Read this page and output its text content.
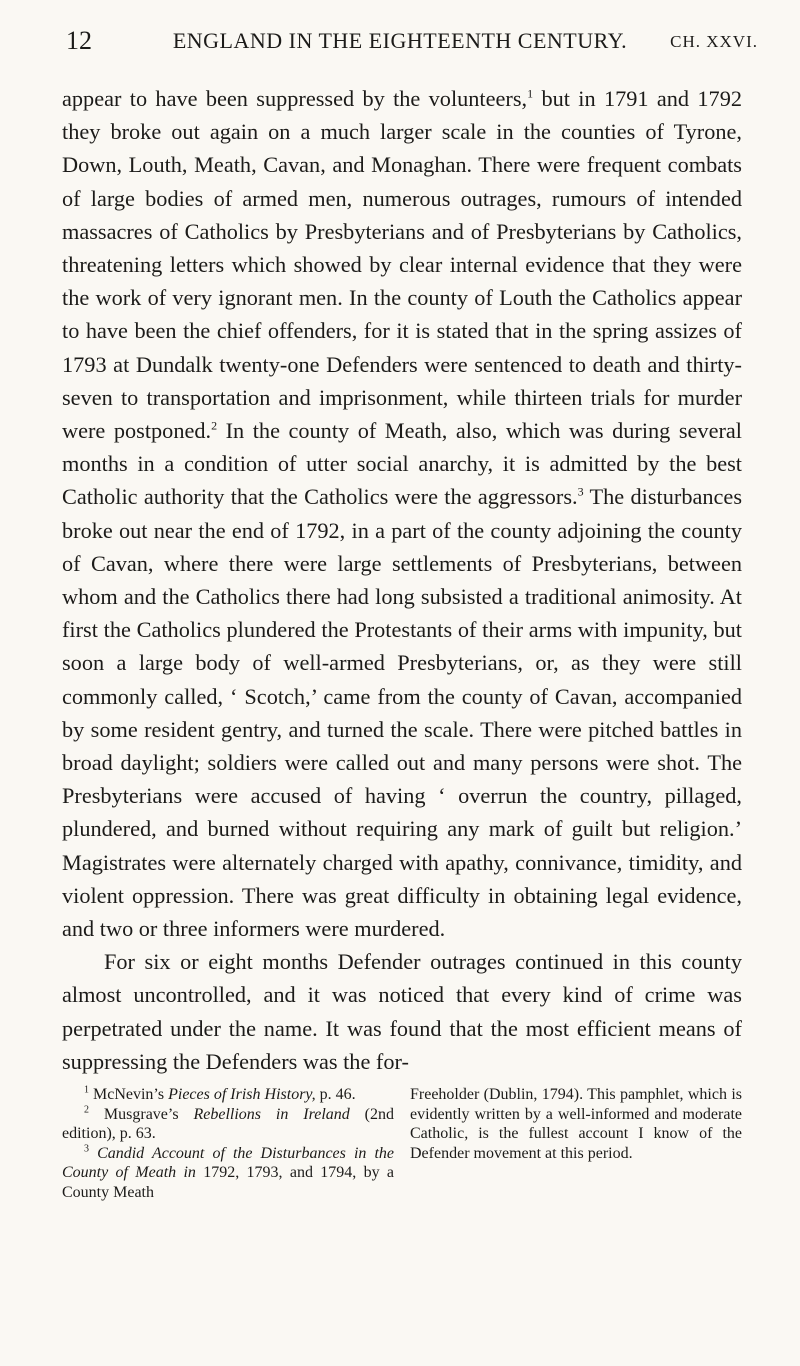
12	ENGLAND IN THE EIGHTEENTH CENTURY.	CH. XXVI.

appear to have been suppressed by the volunteers,$^1$ but in 1791 and 1792 they broke out again on a much larger scale in the counties of Tyrone, Down, Louth, Meath, Cavan, and Monaghan. There were frequent combats of large bodies of armed men, numerous outrages, rumours of intended massacres of Catholics by Presbyterians and of Presbyterians by Catholics, threatening letters which showed by clear internal evidence that they were the work of very ignorant men. In the county of Louth the Catholics appear to have been the chief offenders, for it is stated that in the spring assizes of 1793 at Dundalk twenty-one Defenders were sentenced to death and thirty-seven to transportation and imprisonment, while thirteen trials for murder were postponed.$^2$ In the county of Meath, also, which was during several months in a condition of utter social anarchy, it is admitted by the best Catholic authority that the Catholics were the aggressors.$^3$ The disturbances broke out near the end of 1792, in a part of the county adjoining the county of Cavan, where there were large settlements of Presbyterians, between whom and the Catholics there had long subsisted a traditional animosity. At first the Catholics plundered the Protestants of their arms with impunity, but soon a large body of well-armed Presbyterians, or, as they were still commonly called, ‘ Scotch,’ came from the county of Cavan, accompanied by some resident gentry, and turned the scale. There were pitched battles in broad daylight; soldiers were called out and many persons were shot. The Presbyterians were accused of having ‘ overrun the country, pillaged, plundered, and burned without requiring any mark of guilt but religion.’ Magistrates were alternately charged with apathy, connivance, timidity, and violent oppression. There was great difficulty in obtaining legal evidence, and two or three informers were murdered.

For six or eight months Defender outrages continued in this county almost uncontrolled, and it was noticed that every kind of crime was perpetrated under the name. It was found that the most efficient means of suppressing the Defenders was the for-

$^1$ McNevin’s Pieces of Irish History, p. 46.

$^2$ Musgrave’s Rebellions in Ireland (2nd edition), p. 63.

$^3$ Candid Account of the Disturbances in the County of Meath in 1792, 1793, and 1794, by a County Meath

Freeholder (Dublin, 1794). This pamphlet, which is evidently written by a well-informed and moderate Catholic, is the fullest account I know of the Defender movement at this period.
